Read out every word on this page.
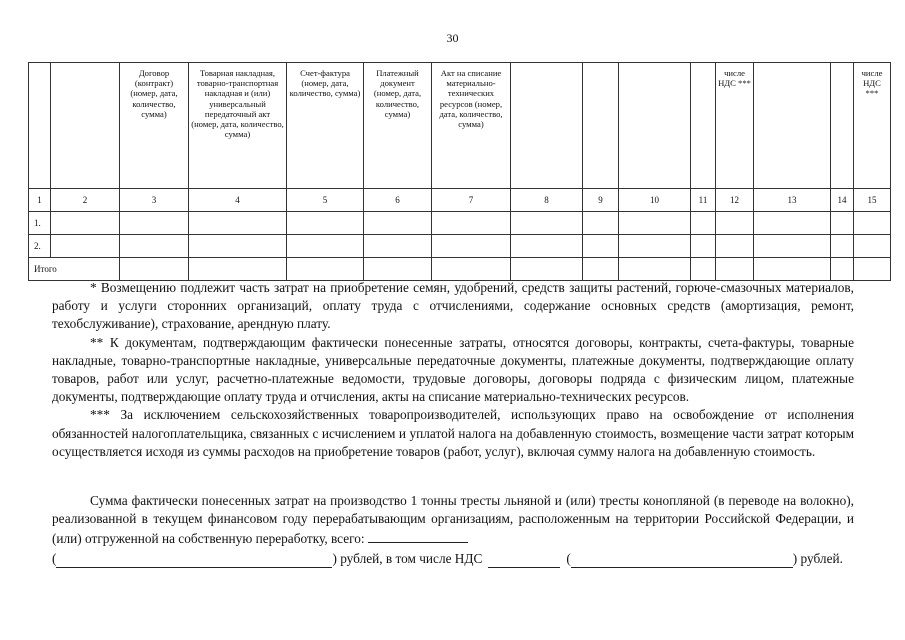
30
		Договор (контракт) (номер, дата, количество, сумма)	Товарная накладная, товарно-транспортная накладная и (или) универсальный передаточный акт (номер, дата, количество, сумма)	Счет-фактура (номер, дата, количество, сумма)	Платежный документ (номер, дата, количество, сумма)	Акт на списание материально-технических ресурсов (номер, дата, количество, сумма)					числе НДС ***			числе НДС ***
1	2	3	4	5	6	7	8	9	10	11	12	13	14	15
1.														
2.														
Итого														

* Возмещению подлежит часть затрат на приобретение семян, удобрений, средств защиты растений, горюче-смазочных материалов, работу и услуги сторонних организаций, оплату труда с отчислениями, содержание основных средств (амортизация, ремонт, техобслуживание), страхование, арендную плату.

** К документам, подтверждающим фактически понесенные затраты, относятся договоры, контракты, счета-фактуры, товарные накладные, товарно-транспортные накладные, универсальные передаточные документы, платежные документы, подтверждающие оплату товаров, работ или услуг, расчетно-платежные ведомости, трудовые договоры, договоры подряда с физическим лицом, платежные документы, подтверждающие оплату труда и отчисления, акты на списание материально-технических ресурсов.

*** За исключением сельскохозяйственных товаропроизводителей, использующих право на освобождение от исполнения обязанностей налогоплательщика, связанных с исчислением и уплатой налога на добавленную стоимость, возмещение части затрат которым осуществляется исходя из суммы расходов на приобретение товаров (работ, услуг), включая сумму налога на добавленную стоимость.

Сумма фактически понесенных затрат на производство 1 тонны тресты льняной и (или) тресты конопляной (в переводе на волокно), реализованной в текущем финансовом году перерабатывающим организациям, расположенным на территории Российской Федерации, и (или) отгруженной на собственную переработку, всего:

(	) рублей, в том числе НДС	(	) рублей.
